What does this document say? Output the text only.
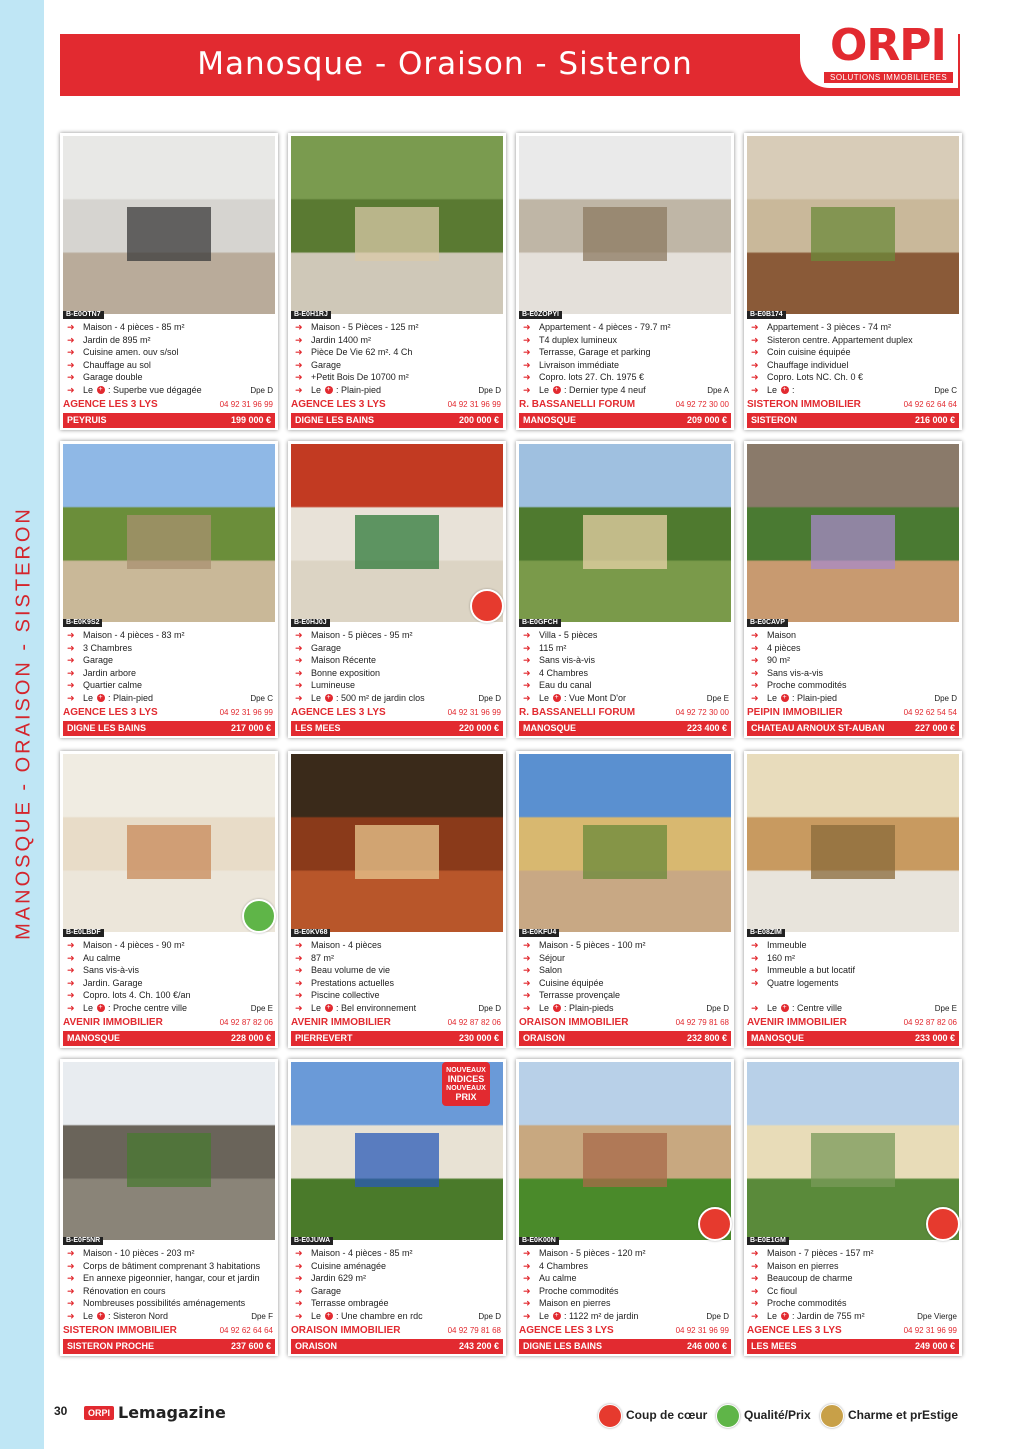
MANOSQUE - ORAISON - SISTERON
Manosque - Oraison - Sisteron	ORPI
SOLUTIONS IMMOBILIERES
B-E0OTN7
➜ Maison - 4 pièces - 85 m²
➜ Jardin de 895 m²
➜ Cuisine amen. ouv s/sol
➜ Chauffage au sol
➜ Garage double
➜ Le + : Superbe vue dégagée	Dpe D
AGENCE LES 3 LYS	04 92 31 96 99
PEYRUIS	199 000 €
B-E0H1RJ
➜ Maison - 5 Pièces - 125 m²
➜ Jardin 1400 m²
➜ Pièce De Vie 62 m². 4 Ch
➜ Garage
➜ +Petit Bois De 10700 m²
➜ Le + : Plain-pied	Dpe D
AGENCE LES 3 LYS	04 92 31 96 99
DIGNE LES BAINS	200 000 €
B-E0ZOPYI
➜ Appartement - 4 pièces - 79.7 m²
➜ T4 duplex lumineux
➜ Terrasse, Garage et parking
➜ Livraison immédiate
➜ Copro. lots 27. Ch. 1975 €
➜ Le + : Dernier type 4 neuf	Dpe A
R. BASSANELLI FORUM	04 92 72 30 00
MANOSQUE	209 000 €
B-E0B174
➜ Appartement - 3 pièces - 74 m²
➜ Sisteron centre. Appartement duplex
➜ Coin cuisine équipée
➜ Chauffage individuel
➜ Copro. Lots NC. Ch. 0 €
➜ Le + :	Dpe C
SISTERON IMMOBILIER	04 92 62 64 64
SISTERON	216 000 €
B-E0K9S2
➜ Maison - 4 pièces - 83 m²
➜ 3 Chambres
➜ Garage
➜ Jardin arbore
➜ Quartier calme
➜ Le + : Plain-pied	Dpe C
AGENCE LES 3 LYS	04 92 31 96 99
DIGNE LES BAINS	217 000 €
B-E0HJ0J
➜ Maison - 5 pièces - 95 m²
➜ Garage
➜ Maison Récente
➜ Bonne exposition
➜ Lumineuse
➜ Le + : 500 m² de jardin clos	Dpe D
AGENCE LES 3 LYS	04 92 31 96 99
LES MEES	220 000 €
B-E0GFCH
➜ Villa - 5 pièces
➜ 115 m²
➜ Sans vis-à-vis
➜ 4 Chambres
➜ Eau du canal
➜ Le + : Vue Mont D'or	Dpe E
R. BASSANELLI FORUM	04 92 72 30 00
MANOSQUE	223 400 €
B-E0CAVP
➜ Maison
➜ 4 pièces
➜ 90 m²
➜ Sans vis-a-vis
➜ Proche commodités
➜ Le + : Plain-pied	Dpe D
PEIPIN IMMOBILIER	04 92 62 54 54
CHATEAU ARNOUX ST-AUBAN	227 000 €
B-E0LBDF
➜ Maison - 4 pièces - 90 m²
➜ Au calme
➜ Sans vis-à-vis
➜ Jardin. Garage
➜ Copro. lots 4. Ch. 100 €/an
➜ Le + : Proche centre ville	Dpe E
AVENIR IMMOBILIER	04 92 87 82 06
MANOSQUE	228 000 €
B-E0KV68
➜ Maison - 4 pièces
➜ 87 m²
➜ Beau volume de vie
➜ Prestations actuelles
➜ Piscine collective
➜ Le + : Bel environnement	Dpe D
AVENIR IMMOBILIER	04 92 87 82 06
PIERREVERT	230 000 €
B-E0KFU4
➜ Maison - 5 pièces - 100 m²
➜ Séjour
➜ Salon
➜ Cuisine équipée
➜ Terrasse provençale
➜ Le + : Plain-pieds	Dpe D
ORAISON IMMOBILIER	04 92 79 81 68
ORAISON	232 800 €
B-E08ZIM
➜ Immeuble
➜ 160 m²
➜ Immeuble a but locatif
➜ Quatre logements
➜ Le + : Centre ville	Dpe E
AVENIR IMMOBILIER	04 92 87 82 06
MANOSQUE	233 000 €
B-E0F5NR
➜ Maison - 10 pièces - 203 m²
➜ Corps de bâtiment comprenant 3 habitations
➜ En annexe pigeonnier, hangar, cour et jardin
➜ Rénovation en cours
➜ Nombreuses possibilités aménagements
➜ Le + : Sisteron Nord	Dpe F
SISTERON IMMOBILIER	04 92 62 64 64
SISTERON PROCHE	237 600 €
B-E0JUWA
➜ Maison - 4 pièces - 85 m²
➜ Cuisine aménagée
➜ Jardin 629 m²
➜ Garage
➜ Terrasse ombragée
➜ Le + : Une chambre en rdc	Dpe D
ORAISON IMMOBILIER	04 92 79 81 68
ORAISON	243 200 €
B-E0K00N
➜ Maison - 5 pièces - 120 m²
➜ 4 Chambres
➜ Au calme
➜ Proche commodités
➜ Maison en pierres
➜ Le + : 1122 m² de jardin	Dpe D
AGENCE LES 3 LYS	04 92 31 96 99
DIGNE LES BAINS	246 000 €
B-E0E1GM
➜ Maison - 7 pièces - 157 m²
➜ Maison en pierres
➜ Beaucoup de charme
➜ Cc fioul
➜ Proche commodités
➜ Le + : Jardin de 755 m²	Dpe Vierge
AGENCE LES 3 LYS	04 92 31 96 99
LES MEES	249 000 €
NOUVEAUX
INDICES
NOUVEAUX
PRIX
30	ORPI Lemagazine	Coup de cœur	Qualité/Prix	Charme et prEstige
